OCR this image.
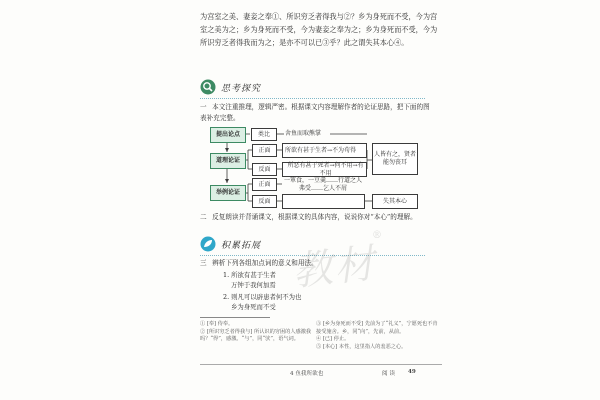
为宫室之美、妻妾之奉①、所识穷乏者得我与②？乡为身死而不受，今为宫室之美为之；乡为身死而不受，今为妻妾之奉为之；乡为身死而不受，今为所识穷乏者得我而为之；是亦不可以已③乎？此之谓失其本心④。
思考探究
一 本文注重推理，逻辑严密。根据课文内容理解作者的论证思路，把下面的图表补充完整。
提出论点
道理论证
举例论证
类比
正面
反面
正面
反面
舍鱼而取熊掌
所欲有甚于生者→不为苟得
所恶有甚于死者→何不用→有不用
一箪食，一豆羹……行道之人弗受……乞人不屑
人皆有之，贤者能勿丧耳
失其本心
二 反复朗读并背诵课文，根据课文的具体内容，说说你对“本心”的理解。
积累拓展
三 辨析下列各组加点词的意义和用法。
1. 所欲有甚于生者
万钟于我何加焉
2. 则凡可以辟患者何不为也
乡为身死而不受
教材
®
① [奉] 侍奉。
② [所识穷乏者得我与] 所认识的穷困的人感激我吗？“得”，感激。“与”，同“欤”，语气词。
③ [乡为身死而不受] 先前为了“礼义”，宁愿死也不肯接受施舍。乡，同“向”，先前，从前。
④ [已] 停止。
⑤ [本心] 本性，这里指人的羞恶之心。
4 鱼我所欲也	阅 读 49
